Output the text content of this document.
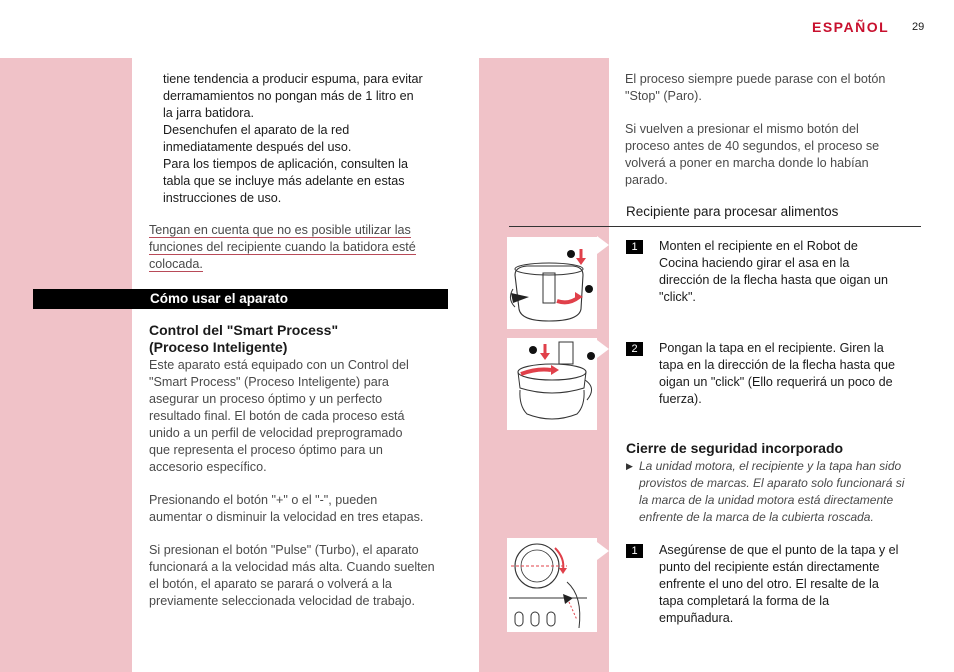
ESPAÑOL 29

tiene tendencia a producir espuma, para evitar

derramamientos no pongan más de 1 litro en

la jarra batidora.

Desenchufen el aparato de la red

inmediatamente después del uso.

Para los tiempos de aplicación, consulten la

tabla que se incluye más adelante en estas

instrucciones de uso.

Tengan en cuenta que no es posible utilizar las

funciones del recipiente cuando la batidora esté

colocada.

Cómo usar el aparato
Control del "Smart Process"
(Proceso Inteligente)

Este aparato está equipado con un Control del

"Smart Process" (Proceso Inteligente) para

asegurar un proceso óptimo y un perfecto

resultado final. El botón de cada proceso está

unido a un perfil de velocidad preprogramado

que representa el proceso óptimo para un

accesorio específico.

Presionando el botón "+" o el "-", pueden

aumentar o disminuir la velocidad en tres etapas.

Si presionan el botón "Pulse" (Turbo), el aparato

funcionará a la velocidad más alta. Cuando suelten

el botón, el aparato se parará o volverá a la

previamente seleccionada velocidad de trabajo.

El proceso siempre puede parase con el botón

"Stop" (Paro).

Si vuelven a presionar el mismo botón del

proceso antes de 40 segundos, el proceso se

volverá a poner en marcha donde lo habían

parado.

Recipiente para procesar alimentos
1	Monten el recipiente en el Robot de
Cocina haciendo girar el asa en la
dirección de la flecha hasta que oigan un
"click".
2	Pongan la tapa en el recipiente. Giren la
tapa en la dirección de la flecha hasta que
oigan un "click" (Ello requerirá un poco de
fuerza).
Cierre de seguridad incorporado
▶ La unidad motora, el recipiente y la tapa han sido
provistos de marcas. El aparato solo funcionará si
la marca de la unidad motora está directamente
enfrente de la marca de la cubierta roscada.
1	Asegúrense de que el punto de la tapa y el
punto del recipiente están directamente
enfrente el uno del otro. El resalte de la
tapa completará la forma de la
empuñadura.
